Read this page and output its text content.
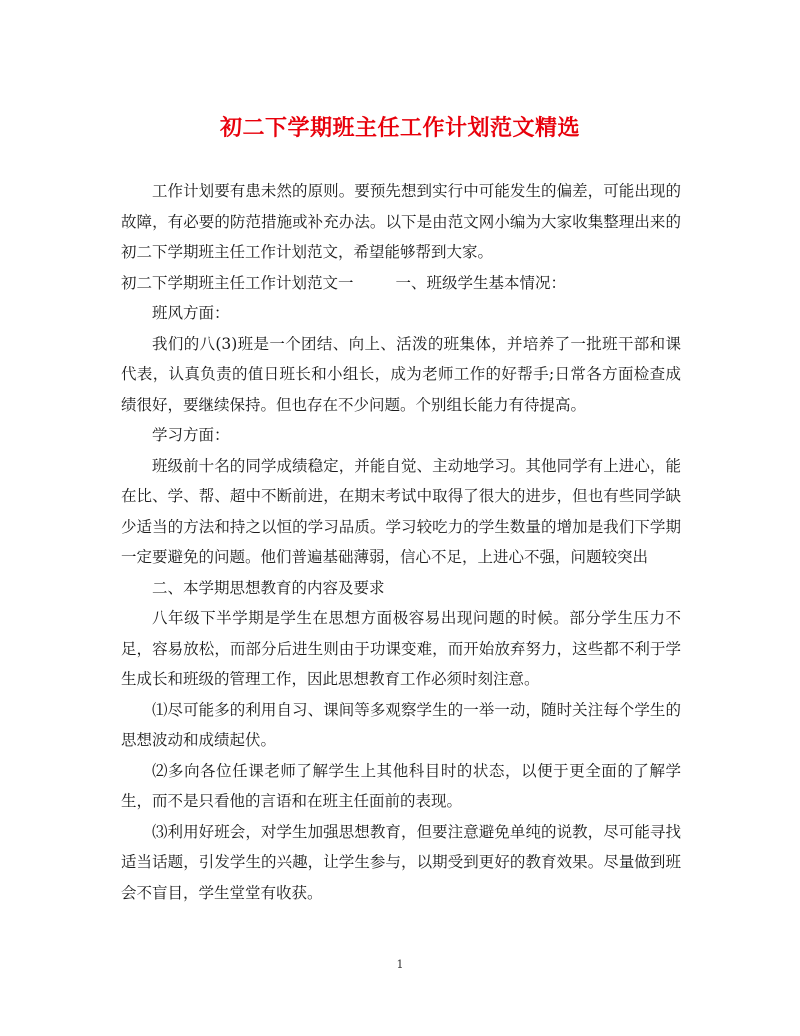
初二下学期班主任工作计划范文精选

工作计划要有患未然的原则。要预先想到实行中可能发生的偏差，可能出现的故障，有必要的防范措施或补充办法。以下是由范文网小编为大家收集整理出来的初二下学期班主任工作计划范文，希望能够帮到大家。

初二下学期班主任工作计划范文一	一、班级学生基本情况：

班风方面：

我们的八(3)班是一个团结、向上、活泼的班集体，并培养了一批班干部和课代表，认真负责的值日班长和小组长，成为老师工作的好帮手;日常各方面检查成绩很好，要继续保持。但也存在不少问题。个别组长能力有待提高。

学习方面：

班级前十名的同学成绩稳定，并能自觉、主动地学习。其他同学有上进心，能在比、学、帮、超中不断前进，在期末考试中取得了很大的进步，但也有些同学缺少适当的方法和持之以恒的学习品质。学习较吃力的学生数量的增加是我们下学期一定要避免的问题。他们普遍基础薄弱，信心不足，上进心不强，问题较突出

二、本学期思想教育的内容及要求

八年级下半学期是学生在思想方面极容易出现问题的时候。部分学生压力不足，容易放松，而部分后进生则由于功课变难，而开始放弃努力，这些都不利于学生成长和班级的管理工作，因此思想教育工作必须时刻注意。

⑴尽可能多的利用自习、课间等多观察学生的一举一动，随时关注每个学生的思想波动和成绩起伏。

⑵多向各位任课老师了解学生上其他科目时的状态，以便于更全面的了解学生，而不是只看他的言语和在班主任面前的表现。

⑶利用好班会，对学生加强思想教育，但要注意避免单纯的说教，尽可能寻找适当话题，引发学生的兴趣，让学生参与，以期受到更好的教育效果。尽量做到班会不盲目，学生堂堂有收获。

1
